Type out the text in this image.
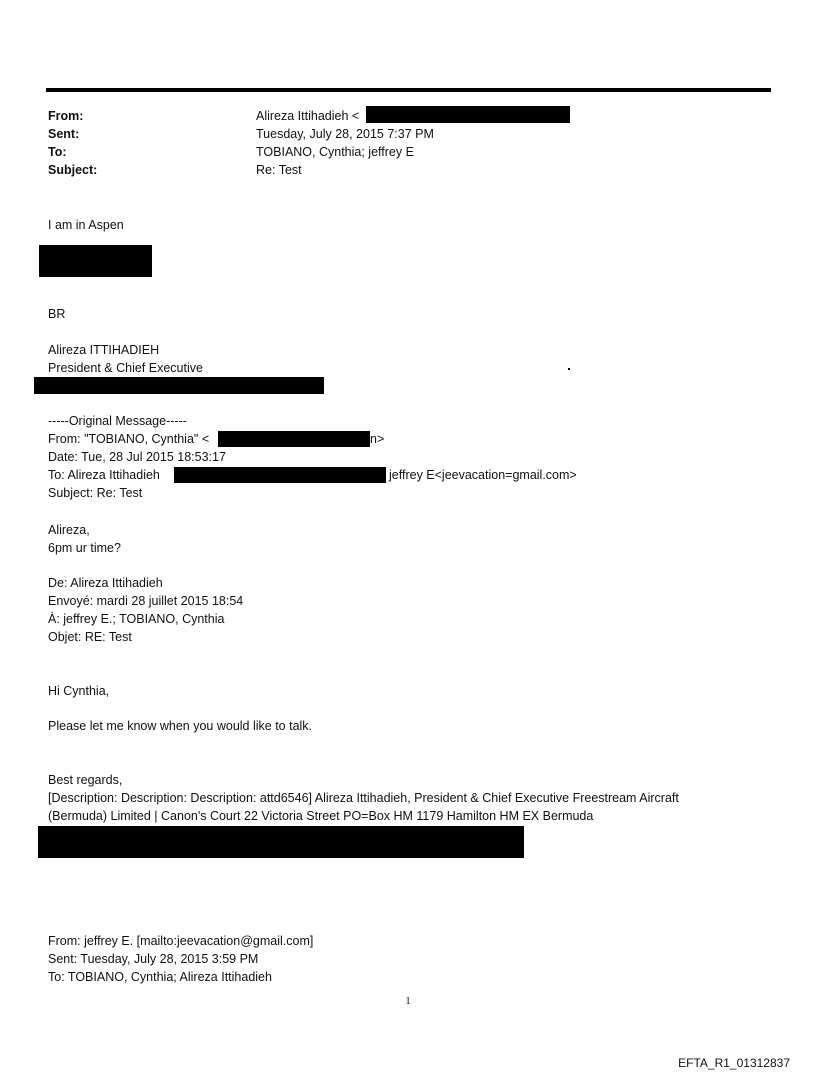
From:	Alireza Ittihadieh <
Sent:	Tuesday, July 28, 2015 7:37 PM
To:	TOBIANO, Cynthia; jeffrey E
Subject:	Re: Test
I am in Aspen
BR
Alireza ITTIHADIEH
President & Chief Executive
-----Original Message-----
From: "TOBIANO, Cynthia" <	n>
Date: Tue, 28 Jul 2015 18:53:17
To: Alireza Ittihadieh	jeffrey E<jeevacation=gmail.com>
Subject: Re: Test
Alireza,
6pm ur time?
De: Alireza Ittihadieh
Envoyé: mardi 28 juillet 2015 18:54
À: jeffrey E.; TOBIANO, Cynthia
Objet: RE: Test
Hi Cynthia,
Please let me know when you would like to talk.
Best regards,
[Description: Description: Description: attd6546] Alireza Ittihadieh, President & Chief Executive Freestream Aircraft
(Bermuda) Limited | Canon's Court 22 Victoria Street PO=Box HM 1179 Hamilton HM EX Bermuda
From: jeffrey E. [mailto:jeevacation@gmail.com]
Sent: Tuesday, July 28, 2015 3:59 PM
To: TOBIANO, Cynthia; Alireza Ittihadieh
1
EFTA_R1_01312837
